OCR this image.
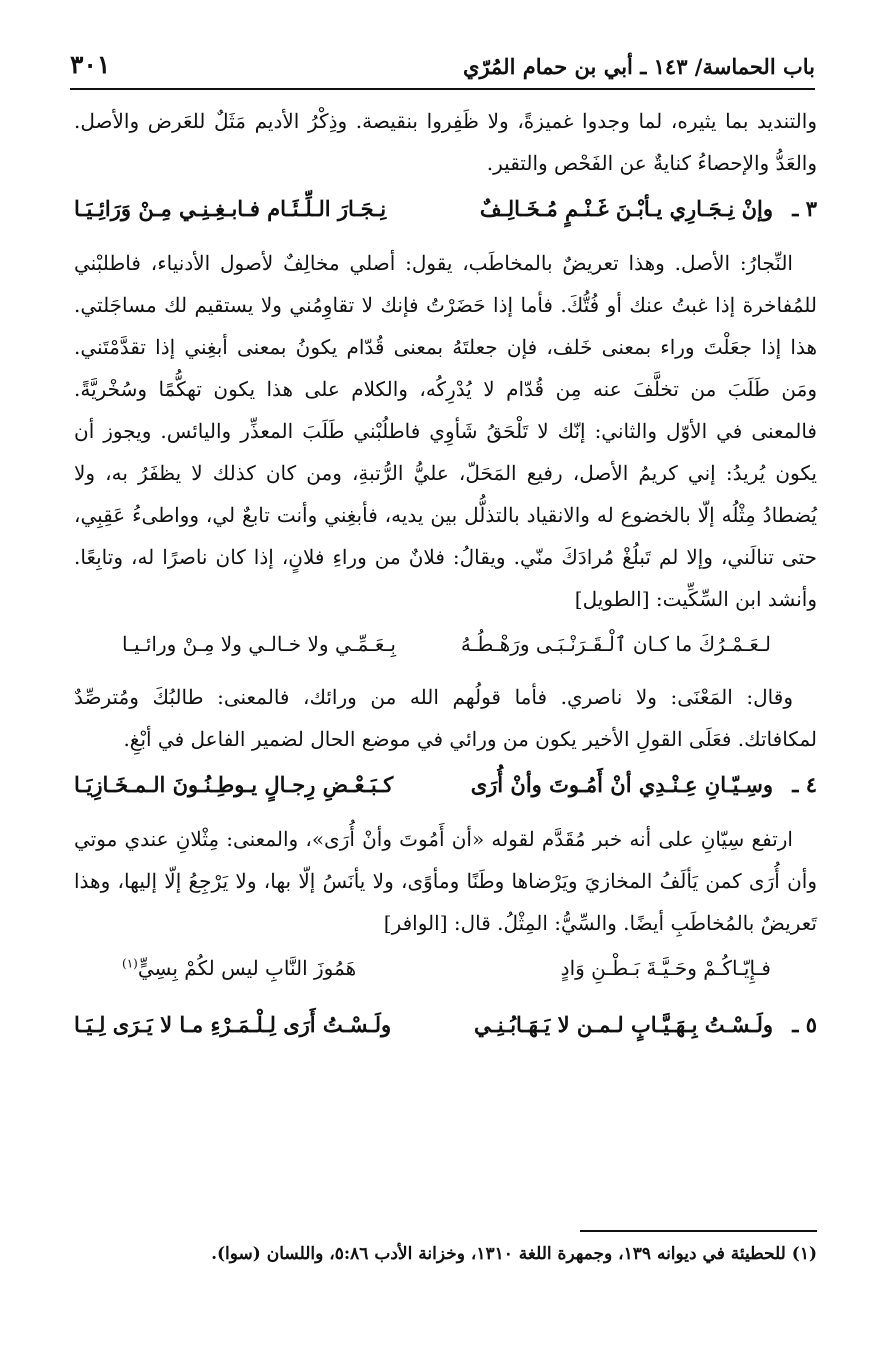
باب الحماسة/ ١٤٣ ـ أبي بن حمام المُرّي
٣٠١

والتنديد بما يثيره، لما وجدوا غميزةً، ولا ظَفِروا بنقيصة. وذِكْرُ الأديم مَثَلٌ للعَرض والأصل. والعَدُّ والإحصاءُ كنايةٌ عن الفَحْص والتقير.

٣ ـ
وإنْ نِـجَـارِي يـأبْـنَ غَـنْـمٍ مُـخَـالِـفٌ
نِـجَـارَ الـلِّـئَـام فـابـغِـنِـي مِـنْ وَرَائِـيَـا

النِّجارُ: الأصل. وهذا تعريضٌ بالمخاطَب، يقول: أصلي مخالِفٌ لأصول الأدنياء، فاطلبْني للمُفاخرة إذا غبتُ عنك أو فُتُّكَ. فأما إذا حَضَرْتُ فإنك لا تقاوِمُني ولا يستقيم لك مساجَلتي. هذا إذا جعَلْتَ وراء بمعنى خَلف، فإن جعلتَهُ بمعنى قُدّام يكونُ بمعنى أبغِني إذا تقدَّمْتَني. ومَن طَلَبَ من تخلَّفَ عنه مِن قُدّام لا يُدْرِكُه، والكلام على هذا يكون تهكُّمًا وسُخْريَّةً. فالمعنى في الأوّل والثاني: إنّك لا تَلْحَقُ شَأوِي فاطلُبْني طَلَبَ المعذِّر واليائس. ويجوز أن يكون يُريدُ: إني كريمُ الأصل، رفيع المَحَلّ، عليُّ الرُّتبةِ، ومن كان كذلك لا يظفَرُ به، ولا يُضطادُ مِثْلُه إلّا بالخضوع له والانقياد بالتذلُّل بين يديه، فأبغِني وأنت تابعٌ لي، وواطىءُ عَقِبِي، حتى تنالَني، وإلا لم تَبلُغْ مُرادَكَ منّي. ويقالُ: فلانٌ من وراءِ فلانٍ، إذا كان ناصرًا له، وتابِعًا. وأنشد ابن السِّكِّيت: [الطويل]

لـعَـمْـرُكَ ما كـان ٱلْـقَـرَنْـبَـى ورَهْـطُـهُ
بِـعَـمِّـي ولا خـالـي ولا مِـنْ ورائـيـا

وقال: المَعْنَى: ولا ناصري. فأما قولُهم الله من ورائك، فالمعنى: طالبُكَ ومُترصِّدٌ لمكافاتك. فعَلَى القولِ الأخير يكون من ورائي في موضع الحال لضمير الفاعل في أبْغِ.

٤ ـ
وسِـيّـانِ عِـنْـدِي أنْ أَمُـوتَ وأنْ أُرَى
كـبَـعْـضِ رِجـالٍ يـوطِـنُـونَ الـمـخَـازِيَـا

ارتفع سِيّانِ على أنه خبر مُقَدَّم لقوله «أن أَمُوتَ وأنْ أُرَى»، والمعنى: مِثْلانِ عندي موتي وأن أُرَى كمن يَألَفُ المخازيَ ويَرْضاها وطَنًا ومأوًى، ولا يأنَسُ إلّا بها، ولا يَرْجِعُ إلّا إليها، وهذا تَعريضٌ بالمُخاطَبِ أيضًا. والسِّيُّ: المِثْلُ. قال: [الوافر]

فـإِيّـاكُـمْ وحَـيَّـةَ بَـطْـنِ وَادٍ
هَمُوزَ النَّابِ ليس لكُمْ بِسِيٍّ$^{(١)}$
٥ ـ
ولَـسْـتُ بِـهَـيَّـابٍ لـمـن لا يَـهَـابُـنِـي
ولَـسْـتُ أَرَى لِـلْـمَـرْءِ مـا لا يَـرَى لِـيَـا
(١) للحطيئة في ديوانه ١٣٩، وجمهرة اللغة ١٣١٠، وخزانة الأدب ٥:٨٦، واللسان (سوا).
